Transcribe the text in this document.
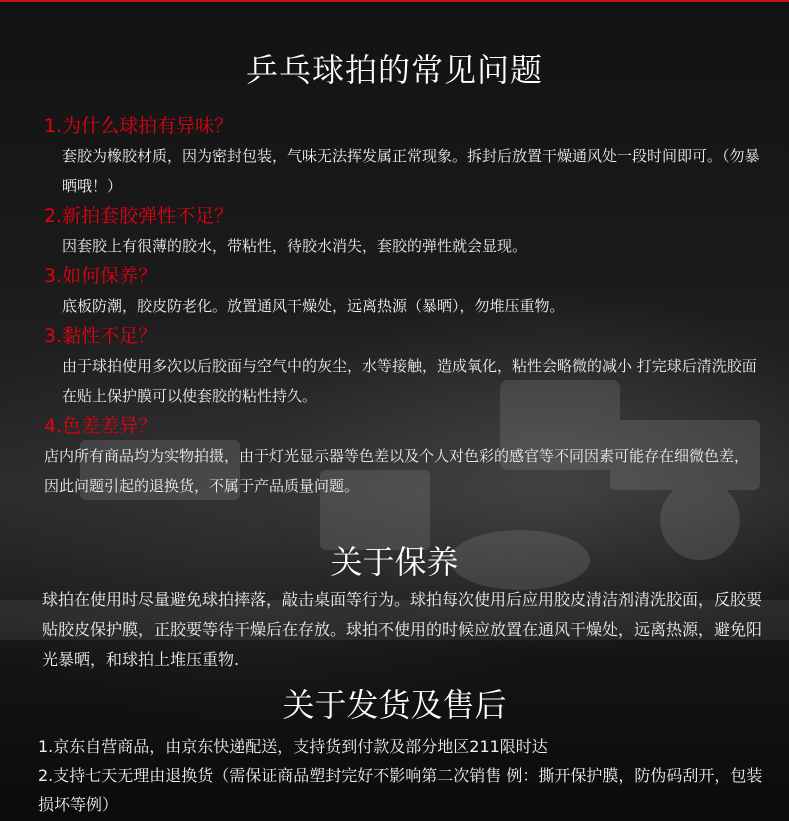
乒乓球拍的常见问题
1.为什么球拍有异味？
套胶为橡胶材质，因为密封包装，气味无法挥发属正常现象。拆封后放置干燥通风处一段时间即可。（勿暴晒哦！）
2.新拍套胶弹性不足？
因套胶上有很薄的胶水，带粘性，待胶水消失，套胶的弹性就会显现。
3.如何保养？
底板防潮，胶皮防老化。放置通风干燥处，远离热源（暴晒），勿堆压重物。
3.黏性不足？
由于球拍使用多次以后胶面与空气中的灰尘，水等接触，造成氧化，粘性会略微的减小 打完球后清洗胶面在贴上保护膜可以使套胶的粘性持久。
4.色差差异？
店内所有商品均为实物拍摄，由于灯光显示器等色差以及个人对色彩的感官等不同因素可能存在细微色差，因此问题引起的退换货，不属于产品质量问题。
关于保养
球拍在使用时尽量避免球拍摔落，敲击桌面等行为。球拍每次使用后应用胶皮清洁剂清洗胶面，反胶要贴胶皮保护膜，正胶要等待干燥后在存放。球拍不使用的时候应放置在通风干燥处，远离热源，避免阳光暴晒，和球拍上堆压重物.
关于发货及售后
1.京东自营商品，由京东快递配送，支持货到付款及部分地区211限时达
2.支持七天无理由退换货（需保证商品塑封完好不影响第二次销售 例：撕开保护膜，防伪码刮开，包装损坏等例）
